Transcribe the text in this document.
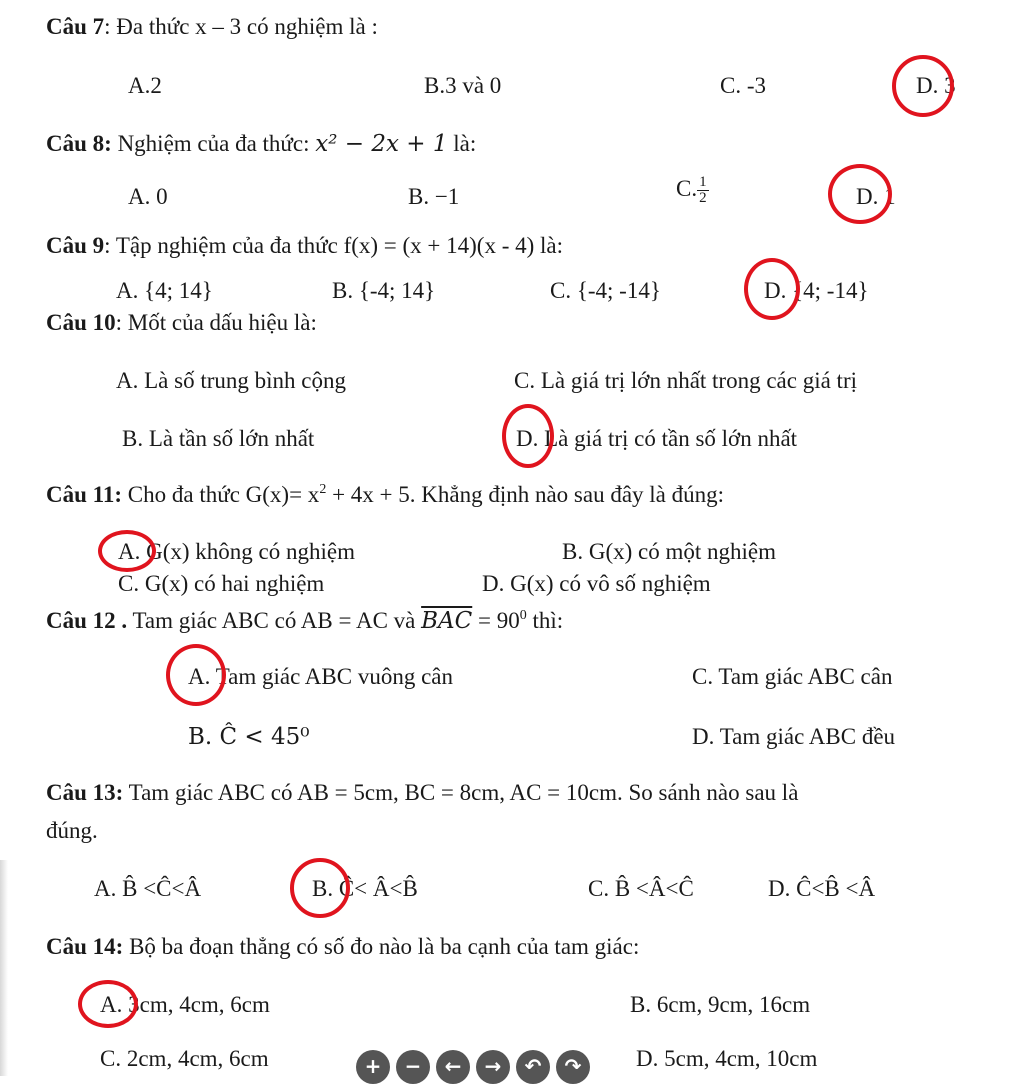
Câu 7: Đa thức x – 3 có nghiệm là :
A.2	B.3 và 0	C. -3	D. 3
Câu 8: Nghiệm của đa thức: x² − 2x + 1 là:
A. 0	B. −1	C. $\frac{1}{2}$	D. 1
Câu 9: Tập nghiệm của đa thức f(x) = (x + 14)(x - 4) là:
A. {4; 14}	B. {-4; 14}	C. {-4; -14}	D. {4; -14}
Câu 10: Mốt của dấu hiệu là:
A. Là số trung bình cộng	C. Là giá trị lớn nhất trong các giá trị
B. Là tần số lớn nhất	D. Là giá trị có tần số lớn nhất
Câu 11: Cho đa thức $G(x)= x^2 + 4x + 5$. Khẳng định nào sau đây là đúng:
A. G(x) không có nghiệm	B. G(x) có một nghiệm
C. G(x) có hai nghiệm	D. G(x) có vô số nghiệm
Câu 12 . Tam giác ABC có AB = AC và $\overline{BAC} = 90^0$ thì:
A. Tam giác ABC vuông cân	C. Tam giác ABC cân
B. Ĉ < 45⁰	D. Tam giác ABC đều
Câu 13: Tam giác ABC có AB = 5cm, BC = 8cm, AC = 10cm. So sánh nào sau là
đúng.
A. B̂ <Ĉ<Â	B. Ĉ< Â<B̂	C. B̂ <Â<Ĉ	D. Ĉ<B̂ <Â
Câu 14: Bộ ba đoạn thẳng có số đo nào là ba cạnh của tam giác:
A. 3cm, 4cm, 6cm	B. 6cm, 9cm, 16cm
C. 2cm, 4cm, 6cm	D. 5cm, 4cm, 10cm
+	−	←	→	↶	↷
